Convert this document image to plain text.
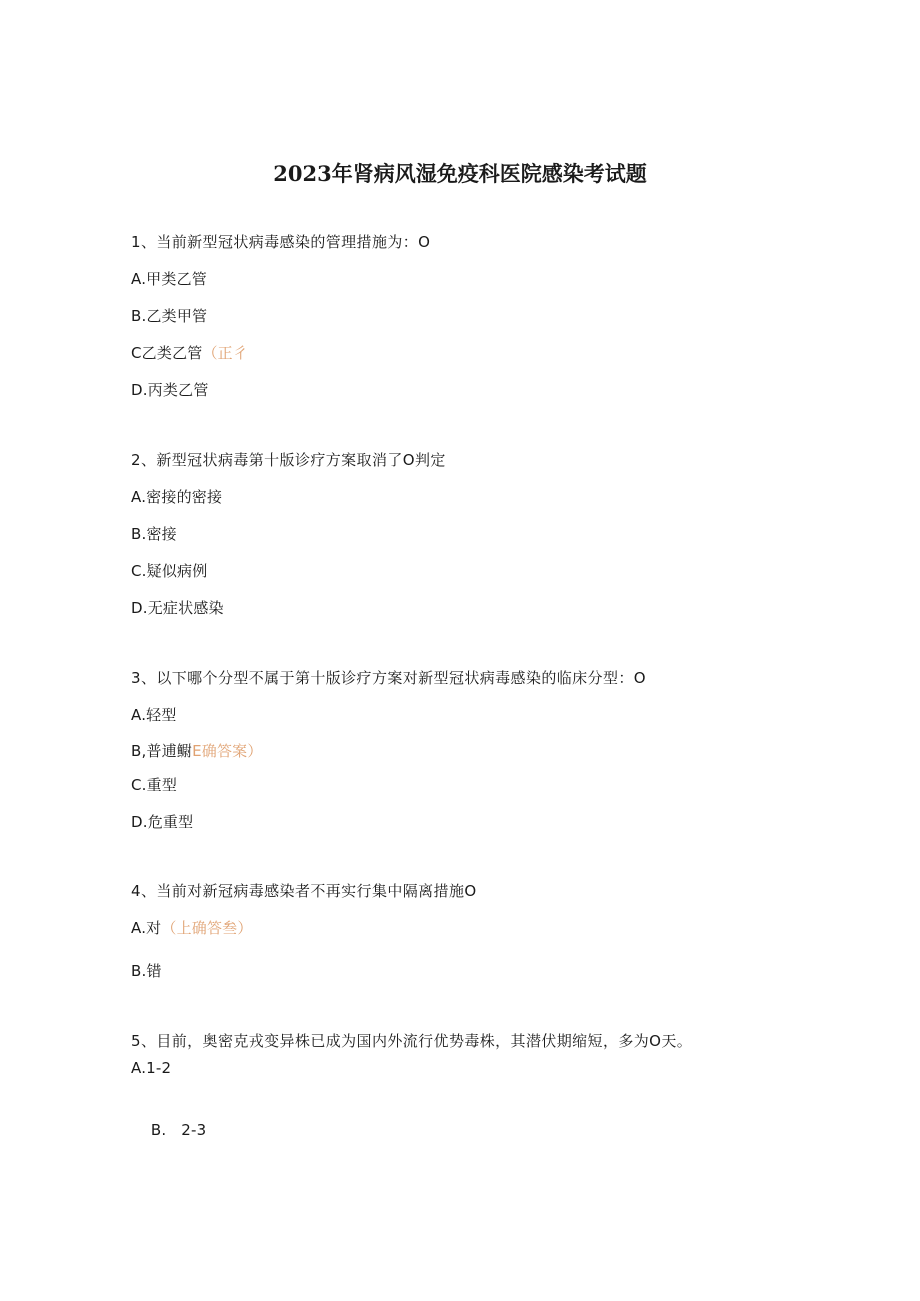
2023年肾病风湿免疫科医院感染考试题
1、当前新型冠状病毒感染的管理措施为：O
A.甲类乙管
B.乙类甲管
C乙类乙管（正彳
D.丙类乙管
2、新型冠状病毒第十版诊疗方案取消了O判定
A.密接的密接
B.密接
C.疑似病例
D.无症状感染
3、以下哪个分型不属于第十版诊疗方案对新型冠状病毒感染的临床分型：O
A.轻型
B,普逋鳚E确答案）
C.重型
D.危重型
4、当前对新冠病毒感染者不再实行集中隔离措施O
A.对（上确答叁）
B.错
5、目前，奥密克戎变异株已成为国内外流行优势毒株，其潜伏期缩短，多为O天。
A.1-2

B.   2-3
